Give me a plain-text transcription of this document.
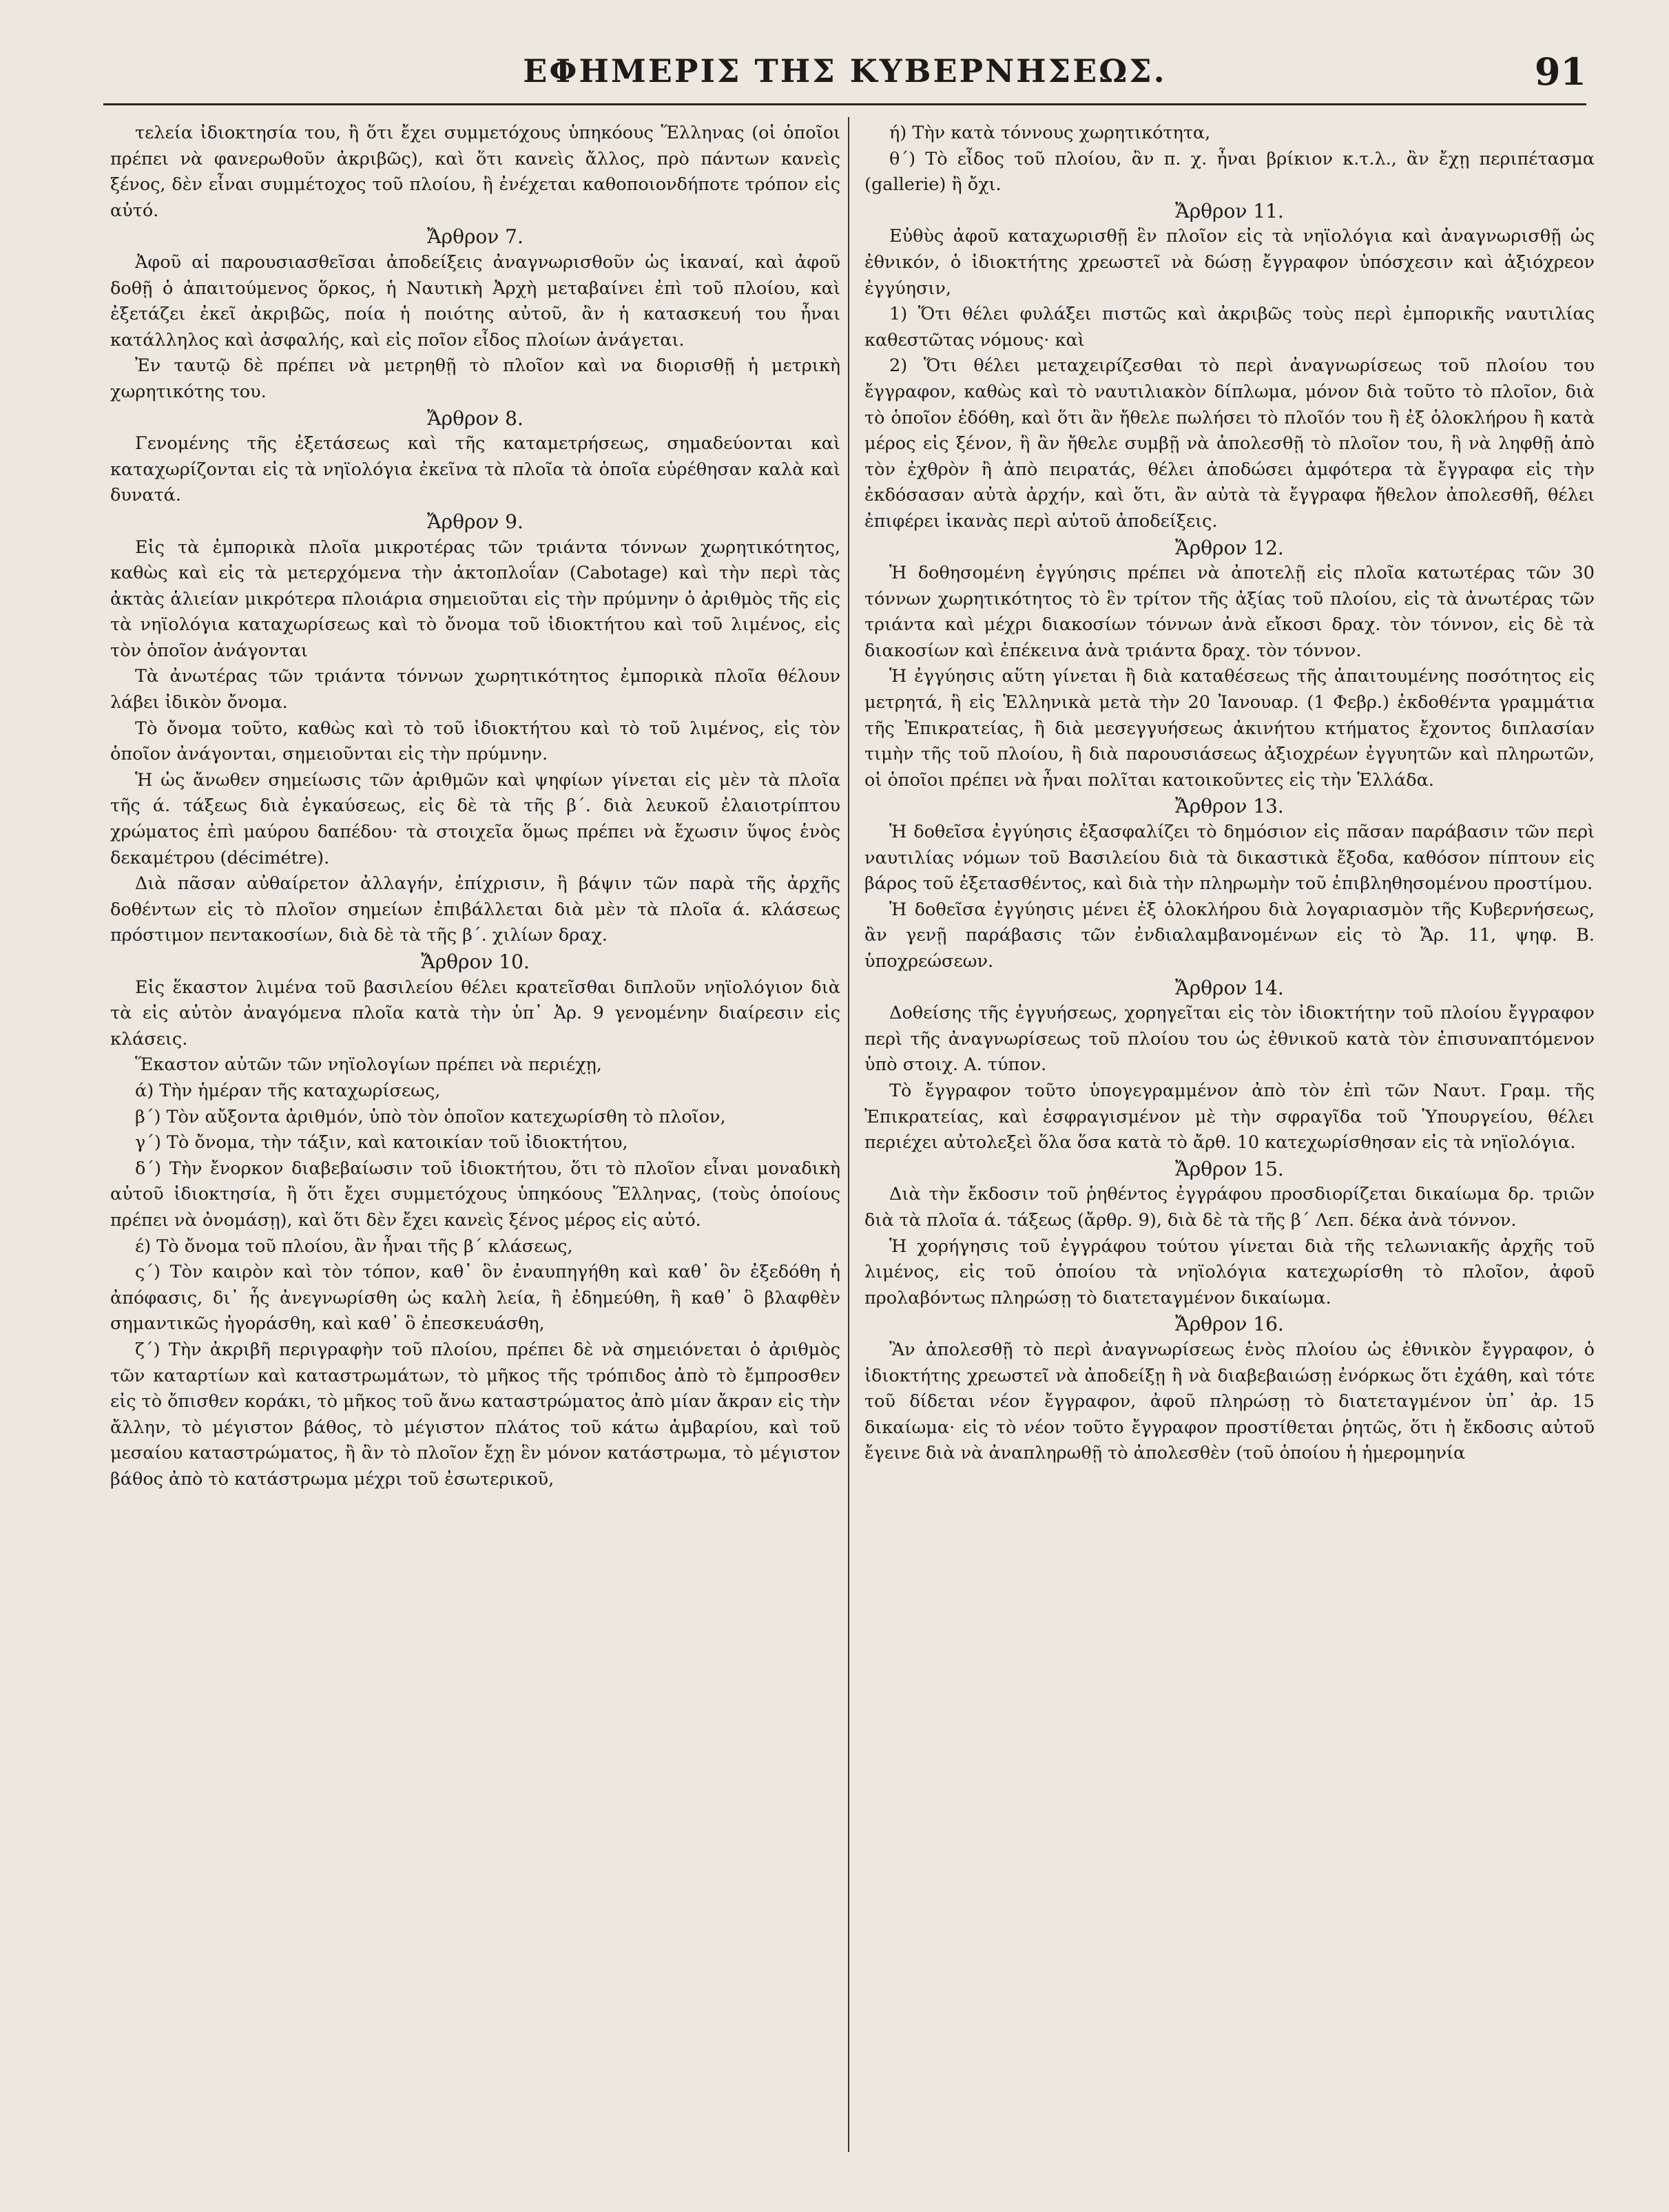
ΕΦΗΜΕΡΙΣ ΤΗΣ ΚΥΒΕΡΝΗΣΕΩΣ.	91

τελεία ἰδιοκτησία του, ἢ ὅτι ἔχει συμμετόχους ὑπηκόους Ἕλληνας (οἱ ὁποῖοι πρέπει νὰ φανερωθοῦν ἀκριβῶς), καὶ ὅτι κανεὶς ἄλλος, πρὸ πάντων κανεὶς ξένος, δὲν εἶναι συμμέτοχος τοῦ πλοίου, ἢ ἐνέχεται καθοποιονδήποτε τρόπον εἰς αὐτό.

Ἄρθρον 7.

Ἀφοῦ αἱ παρουσιασθεῖσαι ἀποδείξεις ἀναγνωρισθοῦν ὡς ἱκαναί, καὶ ἀφοῦ δοθῇ ὁ ἀπαιτούμενος ὅρκος, ἡ Ναυτικὴ Ἀρχὴ μεταβαίνει ἐπὶ τοῦ πλοίου, καὶ ἐξετάζει ἐκεῖ ἀκριβῶς, ποία ἡ ποιότης αὐτοῦ, ἂν ἡ κατασκευή του ἦναι κατάλληλος καὶ ἀσφαλής, καὶ εἰς ποῖον εἶδος πλοίων ἀνάγεται.

Ἐν ταυτῷ δὲ πρέπει νὰ μετρηθῇ τὸ πλοῖον καὶ να διορισθῇ ἡ μετρικὴ χωρητικότης του.

Ἄρθρον 8.

Γενομένης τῆς ἐξετάσεως καὶ τῆς καταμετρήσεως, σημαδεύονται καὶ καταχωρίζονται εἰς τὰ νηϊολόγια ἐκεῖνα τὰ πλοῖα τὰ ὁποῖα εὑρέθησαν καλὰ καὶ δυνατά.

Ἄρθρον 9.

Εἰς τὰ ἐμπορικὰ πλοῖα μικροτέρας τῶν τριάντα τόννων χωρητικότητος, καθὼς καὶ εἰς τὰ μετερχόμενα τὴν ἀκτοπλοΐαν (Cabotage) καὶ τὴν περὶ τὰς ἀκτὰς ἁλιείαν μικρότερα πλοιάρια σημειοῦται εἰς τὴν πρύμνην ὁ ἀριθμὸς τῆς εἰς τὰ νηϊολόγια καταχωρίσεως καὶ τὸ ὄνομα τοῦ ἰδιοκτήτου καὶ τοῦ λιμένος, εἰς τὸν ὁποῖον ἀνάγονται

Τὰ ἀνωτέρας τῶν τριάντα τόννων χωρητικότητος ἐμπορικὰ πλοῖα θέλουν λάβει ἰδικὸν ὄνομα.

Τὸ ὄνομα τοῦτο, καθὼς καὶ τὸ τοῦ ἰδιοκτήτου καὶ τὸ τοῦ λιμένος, εἰς τὸν ὁποῖον ἀνάγονται, σημειοῦνται εἰς τὴν πρύμνην.

Ἡ ὡς ἄνωθεν σημείωσις τῶν ἀριθμῶν καὶ ψηφίων γίνεται εἰς μὲν τὰ πλοῖα τῆς ά. τάξεως διὰ ἐγκαύσεως, εἰς δὲ τὰ τῆς β΄. διὰ λευκοῦ ἐλαιοτρίπτου χρώματος ἐπὶ μαύρου δαπέδου· τὰ στοιχεῖα ὅμως πρέπει νὰ ἔχωσιν ὕψος ἑνὸς δεκαμέτρου (décimétre).

Διὰ πᾶσαν αὐθαίρετον ἀλλαγήν, ἐπίχρισιν, ἢ βάψιν τῶν παρὰ τῆς ἀρχῆς δοθέντων εἰς τὸ πλοῖον σημείων ἐπιβάλλεται διὰ μὲν τὰ πλοῖα ά. κλάσεως πρόστιμον πεντακοσίων, διὰ δὲ τὰ τῆς β΄. χιλίων δραχ.

Ἄρθρον 10.

Εἰς ἕκαστον λιμένα τοῦ βασιλείου θέλει κρατεῖσθαι διπλοῦν νηϊολόγιον διὰ τὰ εἰς αὐτὸν ἀναγόμενα πλοῖα κατὰ τὴν ὑπ᾿ Ἀρ. 9 γενομένην διαίρεσιν εἰς κλάσεις.

Ἕκαστον αὐτῶν τῶν νηϊολογίων πρέπει νὰ περιέχῃ,

ά) Τὴν ἡμέραν τῆς καταχωρίσεως,

β΄) Τὸν αὔξοντα ἀριθμόν, ὑπὸ τὸν ὁποῖον κατεχωρίσθη τὸ πλοῖον,

γ΄) Τὸ ὄνομα, τὴν τάξιν, καὶ κατοικίαν τοῦ ἰδιοκτήτου,

δ΄) Τὴν ἔνορκον διαβεβαίωσιν τοῦ ἰδιοκτήτου, ὅτι τὸ πλοῖον εἶναι μοναδικὴ αὐτοῦ ἰδιοκτησία, ἢ ὅτι ἔχει συμμετόχους ὑπηκόους Ἕλληνας, (τοὺς ὁποίους πρέπει νὰ ὀνομάσῃ), καὶ ὅτι δὲν ἔχει κανεὶς ξένος μέρος εἰς αὐτό.

έ) Τὸ ὄνομα τοῦ πλοίου, ἂν ἦναι τῆς β΄ κλάσεως,

ς΄) Τὸν καιρὸν καὶ τὸν τόπον, καθ᾿ ὃν ἐναυπηγήθη καὶ καθ᾿ ὃν ἐξεδόθη ἡ ἀπόφασις, δι᾿ ἧς ἀνεγνωρίσθη ὡς καλὴ λεία, ἢ ἐδημεύθη, ἢ καθ᾿ ὃ βλαφθὲν σημαντικῶς ἠγοράσθη, καὶ καθ᾿ ὃ ἐπεσκευάσθη,

ζ΄) Τὴν ἀκριβῆ περιγραφὴν τοῦ πλοίου, πρέπει δὲ νὰ σημειόνεται ὁ ἀριθμὸς τῶν καταρτίων καὶ καταστρωμάτων, τὸ μῆκος τῆς τρόπιδος ἀπὸ τὸ ἔμπροσθεν εἰς τὸ ὄπισθεν κοράκι, τὸ μῆκος τοῦ ἄνω καταστρώματος ἀπὸ μίαν ἄκραν εἰς τὴν ἄλλην, τὸ μέγιστον βάθος, τὸ μέγιστον πλάτος τοῦ κάτω ἀμβαρίου, καὶ τοῦ μεσαίου καταστρώματος, ἢ ἂν τὸ πλοῖον ἔχῃ ἓν μόνον κατάστρωμα, τὸ μέγιστον βάθος ἀπὸ τὸ κατάστρωμα μέχρι τοῦ ἐσωτερικοῦ,

ή) Τὴν κατὰ τόννους χωρητικότητα,

θ΄) Τὸ εἶδος τοῦ πλοίου, ἂν π. χ. ἦναι βρίκιον κ.τ.λ., ἂν ἔχῃ περιπέτασμα (gallerie) ἢ ὄχι.

Ἄρθρον 11.

Εὐθὺς ἀφοῦ καταχωρισθῇ ἓν πλοῖον εἰς τὰ νηϊολόγια καὶ ἀναγνωρισθῇ ὡς ἐθνικόν, ὁ ἰδιοκτήτης χρεωστεῖ νὰ δώσῃ ἔγγραφον ὑπόσχεσιν καὶ ἀξιόχρεον ἐγγύησιν,

1) Ὅτι θέλει φυλάξει πιστῶς καὶ ἀκριβῶς τοὺς περὶ ἐμπορικῆς ναυτιλίας καθεστῶτας νόμους· καὶ

2) Ὅτι θέλει μεταχειρίζεσθαι τὸ περὶ ἀναγνωρίσεως τοῦ πλοίου του ἔγγραφον, καθὼς καὶ τὸ ναυτιλιακὸν δίπλωμα, μόνον διὰ τοῦτο τὸ πλοῖον, διὰ τὸ ὁποῖον ἐδόθη, καὶ ὅτι ἂν ἤθελε πωλήσει τὸ πλοῖόν του ἢ ἐξ ὁλοκλήρου ἢ κατὰ μέρος εἰς ξένον, ἢ ἂν ἤθελε συμβῇ νὰ ἀπολεσθῇ τὸ πλοῖον του, ἢ νὰ ληφθῇ ἀπὸ τὸν ἐχθρὸν ἢ ἀπὸ πειρατάς, θέλει ἀποδώσει ἀμφότερα τὰ ἔγγραφα εἰς τὴν ἐκδόσασαν αὐτὰ ἀρχήν, καὶ ὅτι, ἂν αὐτὰ τὰ ἔγγραφα ἤθελον ἀπολεσθῆ, θέλει ἐπιφέρει ἱκανὰς περὶ αὐτοῦ ἀποδείξεις.

Ἄρθρον 12.

Ἡ δοθησομένη ἐγγύησις πρέπει νὰ ἀποτελῇ εἰς πλοῖα κατωτέρας τῶν 30 τόννων χωρητικότητος τὸ ἓν τρίτον τῆς ἀξίας τοῦ πλοίου, εἰς τὰ ἀνωτέρας τῶν τριάντα καὶ μέχρι διακοσίων τόννων ἀνὰ εἴκοσι δραχ. τὸν τόννον, εἰς δὲ τὰ διακοσίων καὶ ἐπέκεινα ἀνὰ τριάντα δραχ. τὸν τόννον.

Ἡ ἐγγύησις αὕτη γίνεται ἢ διὰ καταθέσεως τῆς ἀπαιτουμένης ποσότητος εἰς μετρητά, ἢ εἰς Ἑλληνικὰ μετὰ τὴν 20 Ἰανουαρ. (1 Φεβρ.) ἐκδοθέντα γραμμάτια τῆς Ἐπικρατείας, ἢ διὰ μεσεγγυήσεως ἀκινήτου κτήματος ἔχοντος διπλασίαν τιμὴν τῆς τοῦ πλοίου, ἢ διὰ παρουσιάσεως ἀξιοχρέων ἐγγυητῶν καὶ πληρωτῶν, οἱ ὁποῖοι πρέπει νὰ ἦναι πολῖται κατοικοῦντες εἰς τὴν Ἑλλάδα.

Ἄρθρον 13.

Ἡ δοθεῖσα ἐγγύησις ἐξασφαλίζει τὸ δημόσιον εἰς πᾶσαν παράβασιν τῶν περὶ ναυτιλίας νόμων τοῦ Βασιλείου διὰ τὰ δικαστικὰ ἔξοδα, καθόσον πίπτουν εἰς βάρος τοῦ ἐξετασθέντος, καὶ διὰ τὴν πληρωμὴν τοῦ ἐπιβληθησομένου προστίμου.

Ἡ δοθεῖσα ἐγγύησις μένει ἐξ ὁλοκλήρου διὰ λογαριασμὸν τῆς Κυβερνήσεως, ἂν γενῇ παράβασις τῶν ἐνδιαλαμβανομένων εἰς τὸ Ἄρ. 11, ψηφ. Β. ὑποχρεώσεων.

Ἄρθρον 14.

Δοθείσης τῆς ἐγγυήσεως, χορηγεῖται εἰς τὸν ἰδιοκτήτην τοῦ πλοίου ἔγγραφον περὶ τῆς ἀναγνωρίσεως τοῦ πλοίου του ὡς ἐθνικοῦ κατὰ τὸν ἐπισυναπτόμενον ὑπὸ στοιχ. Α. τύπον.

Τὸ ἔγγραφον τοῦτο ὑπογεγραμμένον ἀπὸ τὸν ἐπὶ τῶν Ναυτ. Γραμ. τῆς Ἐπικρατείας, καὶ ἐσφραγισμένον μὲ τὴν σφραγῖδα τοῦ Ὑπουργείου, θέλει περιέχει αὐτολεξεὶ ὅλα ὅσα κατὰ τὸ ἄρθ. 10 κατεχωρίσθησαν εἰς τὰ νηϊολόγια.

Ἄρθρον 15.

Διὰ τὴν ἔκδοσιν τοῦ ῥηθέντος ἐγγράφου προσδιορίζεται δικαίωμα δρ. τριῶν διὰ τὰ πλοῖα ά. τάξεως (ἄρθρ. 9), διὰ δὲ τὰ τῆς β΄ Λεπ. δέκα ἀνὰ τόννον.

Ἡ χορήγησις τοῦ ἐγγράφου τούτου γίνεται διὰ τῆς τελωνιακῆς ἀρχῆς τοῦ λιμένος, εἰς τοῦ ὁποίου τὰ νηϊολόγια κατεχωρίσθη τὸ πλοῖον, ἀφοῦ προλαβόντως πληρώσῃ τὸ διατεταγμένον δικαίωμα.

Ἄρθρον 16.

Ἂν ἀπολεσθῇ τὸ περὶ ἀναγνωρίσεως ἑνὸς πλοίου ὡς ἐθνικὸν ἔγγραφον, ὁ ἰδιοκτήτης χρεωστεῖ νὰ ἀποδείξῃ ἢ νὰ διαβεβαιώσῃ ἐνόρκως ὅτι ἐχάθη, καὶ τότε τοῦ δίδεται νέον ἔγγραφον, ἀφοῦ πληρώσῃ τὸ διατεταγμένον ὑπ᾿ ἀρ. 15 δικαίωμα· εἰς τὸ νέον τοῦτο ἔγγραφον προστίθεται ῥητῶς, ὅτι ἡ ἔκδοσις αὐτοῦ ἔγεινε διὰ νὰ ἀναπληρωθῇ τὸ ἀπολεσθὲν (τοῦ ὁποίου ἡ ἡμερομηνία
